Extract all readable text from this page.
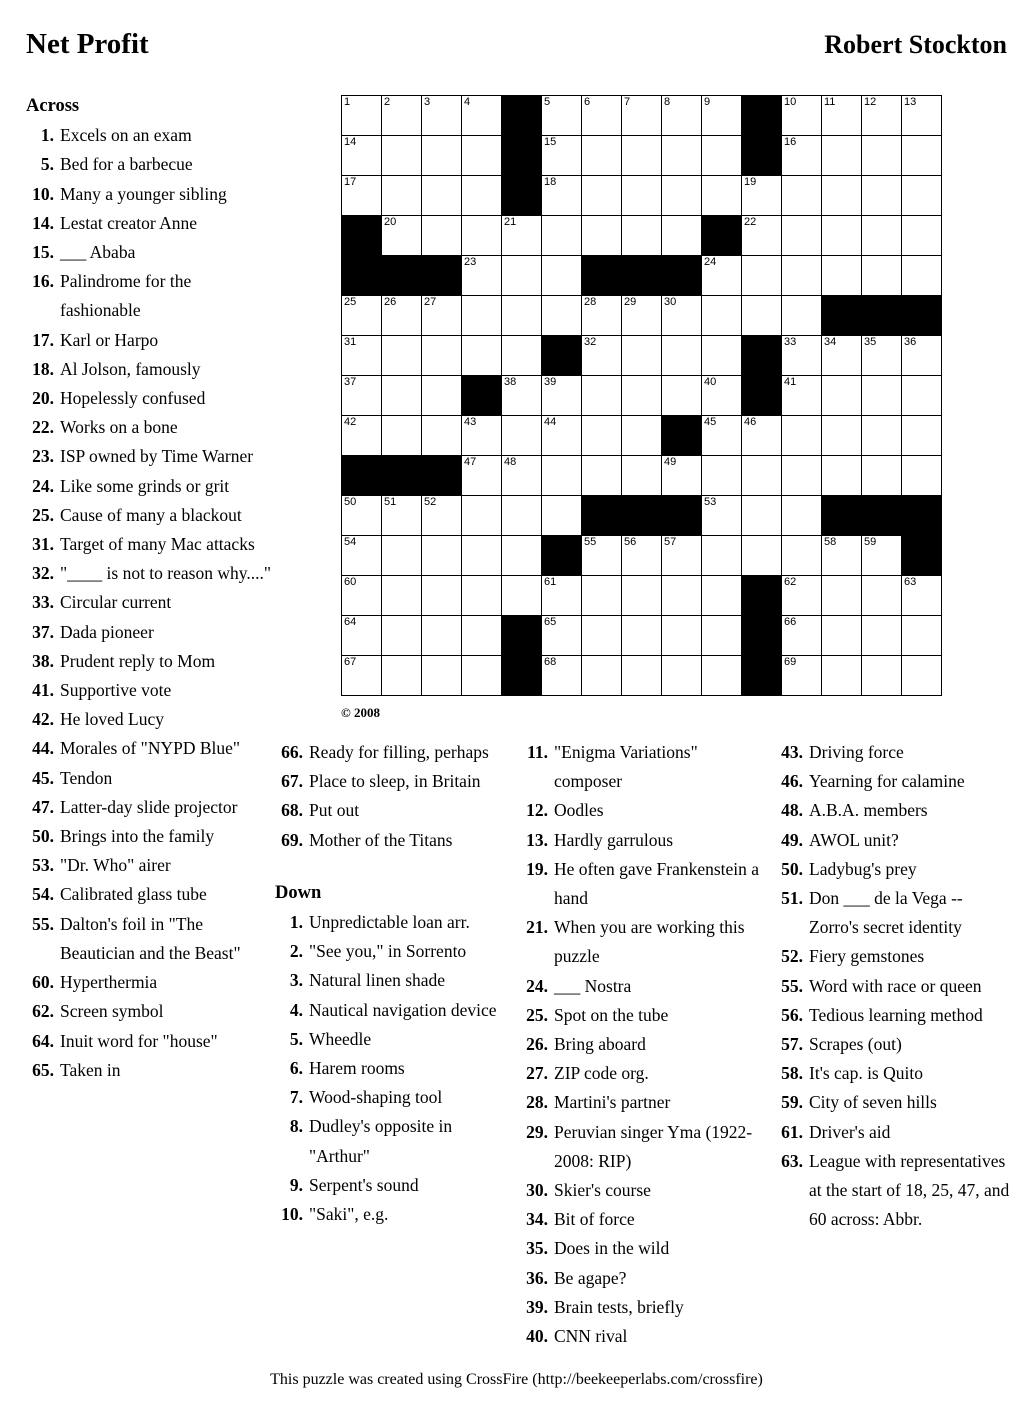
Net Profit	Robert Stockton
1	2	3	4		5	6	7	8	9		10	11	12	13

14					15						16			

17					18					19				

	20			21						22				

			23						24					

25	26	27				28	29	30						

31						32					33	34	35	36

37				38	39				40		41			

42			43		44				45	46				

			47	48				49						

50	51	52							53					

54						55	56	57				58	59	

60					61						62			63

64					65						66			

67					68						69			

© 2008
Across
1. Excels on an exam
5. Bed for a barbecue
10. Many a younger sibling
14. Lestat creator Anne
15. ___ Ababa
16. Palindrome for the fashionable
17. Karl or Harpo
18. Al Jolson, famously
20. Hopelessly confused
22. Works on a bone
23. ISP owned by Time Warner
24. Like some grinds or grit
25. Cause of many a blackout
31. Target of many Mac attacks
32. "____ is not to reason why...."
33. Circular current
37. Dada pioneer
38. Prudent reply to Mom
41. Supportive vote
42. He loved Lucy
44. Morales of "NYPD Blue"
45. Tendon
47. Latter-day slide projector
50. Brings into the family
53. "Dr. Who" airer
54. Calibrated glass tube
55. Dalton's foil in "The Beautician and the Beast"
60. Hyperthermia
62. Screen symbol
64. Inuit word for "house"
65. Taken in
66. Ready for filling, perhaps
67. Place to sleep, in Britain
68. Put out
69. Mother of the Titans
Down
1. Unpredictable loan arr.
2. "See you," in Sorrento
3. Natural linen shade
4. Nautical navigation device
5. Wheedle
6. Harem rooms
7. Wood-shaping tool
8. Dudley's opposite in "Arthur"
9. Serpent's sound
10. "Saki", e.g.
11. "Enigma Variations" composer
12. Oodles
13. Hardly garrulous
19. He often gave Frankenstein a hand
21. When you are working this puzzle
24. ___ Nostra
25. Spot on the tube
26. Bring aboard
27. ZIP code org.
28. Martini's partner
29. Peruvian singer Yma (1922-2008: RIP)
30. Skier's course
34. Bit of force
35. Does in the wild
36. Be agape?
39. Brain tests, briefly
40. CNN rival
43. Driving force
46. Yearning for calamine
48. A.B.A. members
49. AWOL unit?
50. Ladybug's prey
51. Don ___ de la Vega -- Zorro's secret identity
52. Fiery gemstones
55. Word with race or queen
56. Tedious learning method
57. Scrapes (out)
58. It's cap. is Quito
59. City of seven hills
61. Driver's aid
63. League with representatives at the start of 18, 25, 47, and 60 across: Abbr.
This puzzle was created using CrossFire (http://beekeeperlabs.com/crossfire)
